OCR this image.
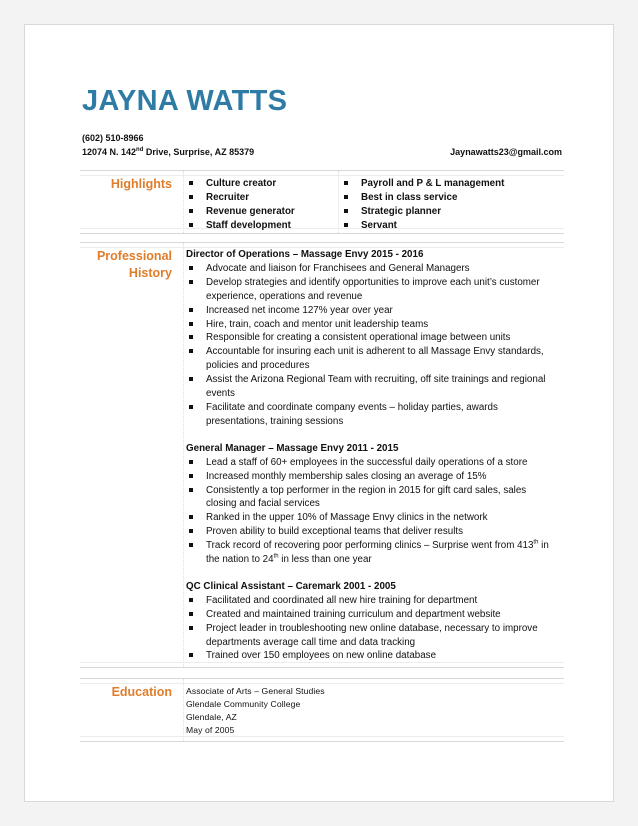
JAYNA WATTS
(602) 510-8966
12074 N. 142nd Drive, Surprise, AZ 85379	Jaynawatts23@gmail.com
Highlights	Culture creator
Recruiter
Revenue generator
Staff development
Payroll and P & L management
Best in class service
Strategic planner
Servant
Professional
History
Director of Operations – Massage Envy 2015 - 2016
Advocate and liaison for Franchisees and General Managers
Develop strategies and identify opportunities to improve each unit’s customer experience, operations and revenue
Increased net income 127% year over year
Hire, train, coach and mentor unit leadership teams
Responsible for creating a consistent operational image between units
Accountable for insuring each unit is adherent to all Massage Envy standards, policies and procedures
Assist the Arizona Regional Team with recruiting, off site trainings and regional events
Facilitate and coordinate company events – holiday parties, awards presentations, training sessions
General Manager – Massage Envy 2011 - 2015
Lead a staff of 60+ employees in the successful daily operations of a store
Increased monthly membership sales closing an average of 15%
Consistently a top performer in the region in 2015 for gift card sales, sales closing and facial services
Ranked in the upper 10% of Massage Envy clinics in the network
Proven ability to build exceptional teams that deliver results
Track record of recovering poor performing clinics – Surprise went from 413th in the nation to 24th in less than one year
QC Clinical Assistant – Caremark 2001 - 2005
Facilitated and coordinated all new hire training for department
Created and maintained training curriculum and department website
Project leader in troubleshooting new online database, necessary to improve departments average call time and data tracking
Trained over 150 employees on new online database
Education Associate of Arts – General Studies
Glendale Community College
Glendale, AZ
May of 2005
